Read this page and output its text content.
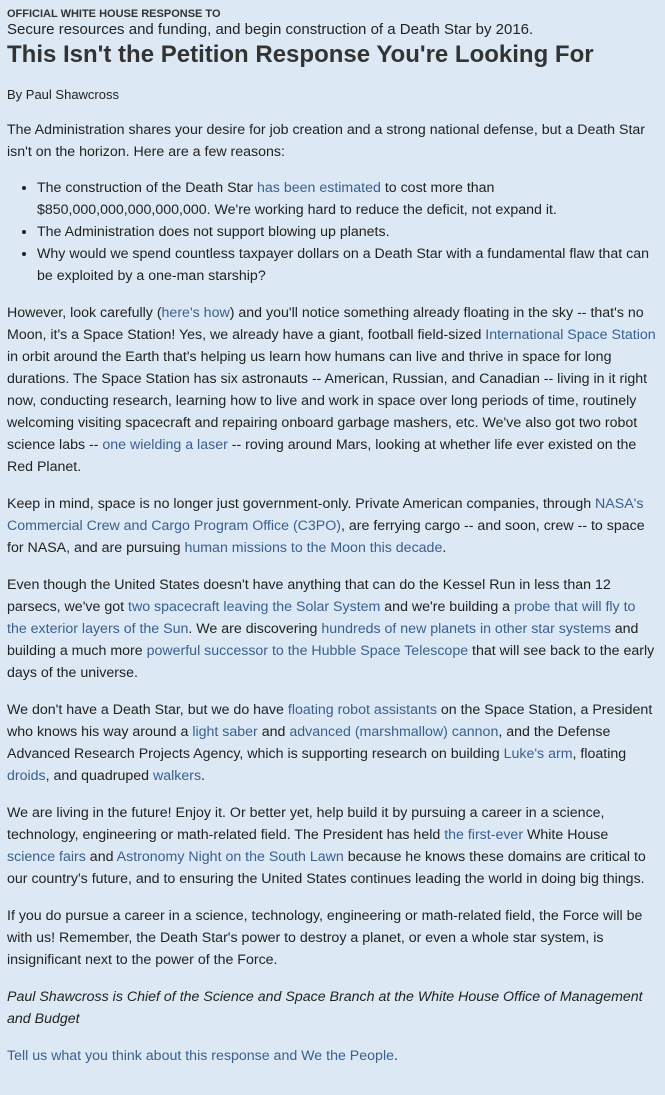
OFFICIAL WHITE HOUSE RESPONSE TO
Secure resources and funding, and begin construction of a Death Star by 2016.
This Isn't the Petition Response You're Looking For
By Paul Shawcross

The Administration shares your desire for job creation and a strong national defense, but a Death Star isn't on the horizon. Here are a few reasons:

• The construction of the Death Star has been estimated to cost more than $850,000,000,000,000,000. We're working hard to reduce the deficit, not expand it.
• The Administration does not support blowing up planets.
• Why would we spend countless taxpayer dollars on a Death Star with a fundamental flaw that can be exploited by a one-man starship?

However, look carefully (here's how) and you'll notice something already floating in the sky -- that's no Moon, it's a Space Station! Yes, we already have a giant, football field-sized International Space Station in orbit around the Earth that's helping us learn how humans can live and thrive in space for long durations. The Space Station has six astronauts -- American, Russian, and Canadian -- living in it right now, conducting research, learning how to live and work in space over long periods of time, routinely welcoming visiting spacecraft and repairing onboard garbage mashers, etc. We've also got two robot science labs -- one wielding a laser -- roving around Mars, looking at whether life ever existed on the Red Planet.

Keep in mind, space is no longer just government-only. Private American companies, through NASA's Commercial Crew and Cargo Program Office (C3PO), are ferrying cargo -- and soon, crew -- to space for NASA, and are pursuing human missions to the Moon this decade.

Even though the United States doesn't have anything that can do the Kessel Run in less than 12 parsecs, we've got two spacecraft leaving the Solar System and we're building a probe that will fly to the exterior layers of the Sun. We are discovering hundreds of new planets in other star systems and building a much more powerful successor to the Hubble Space Telescope that will see back to the early days of the universe.

We don't have a Death Star, but we do have floating robot assistants on the Space Station, a President who knows his way around a light saber and advanced (marshmallow) cannon, and the Defense Advanced Research Projects Agency, which is supporting research on building Luke's arm, floating droids, and quadruped walkers.

We are living in the future! Enjoy it. Or better yet, help build it by pursuing a career in a science, technology, engineering or math-related field. The President has held the first-ever White House science fairs and Astronomy Night on the South Lawn because he knows these domains are critical to our country's future, and to ensuring the United States continues leading the world in doing big things.

If you do pursue a career in a science, technology, engineering or math-related field, the Force will be with us! Remember, the Death Star's power to destroy a planet, or even a whole star system, is insignificant next to the power of the Force.

Paul Shawcross is Chief of the Science and Space Branch at the White House Office of Management and Budget

Tell us what you think about this response and We the People.
